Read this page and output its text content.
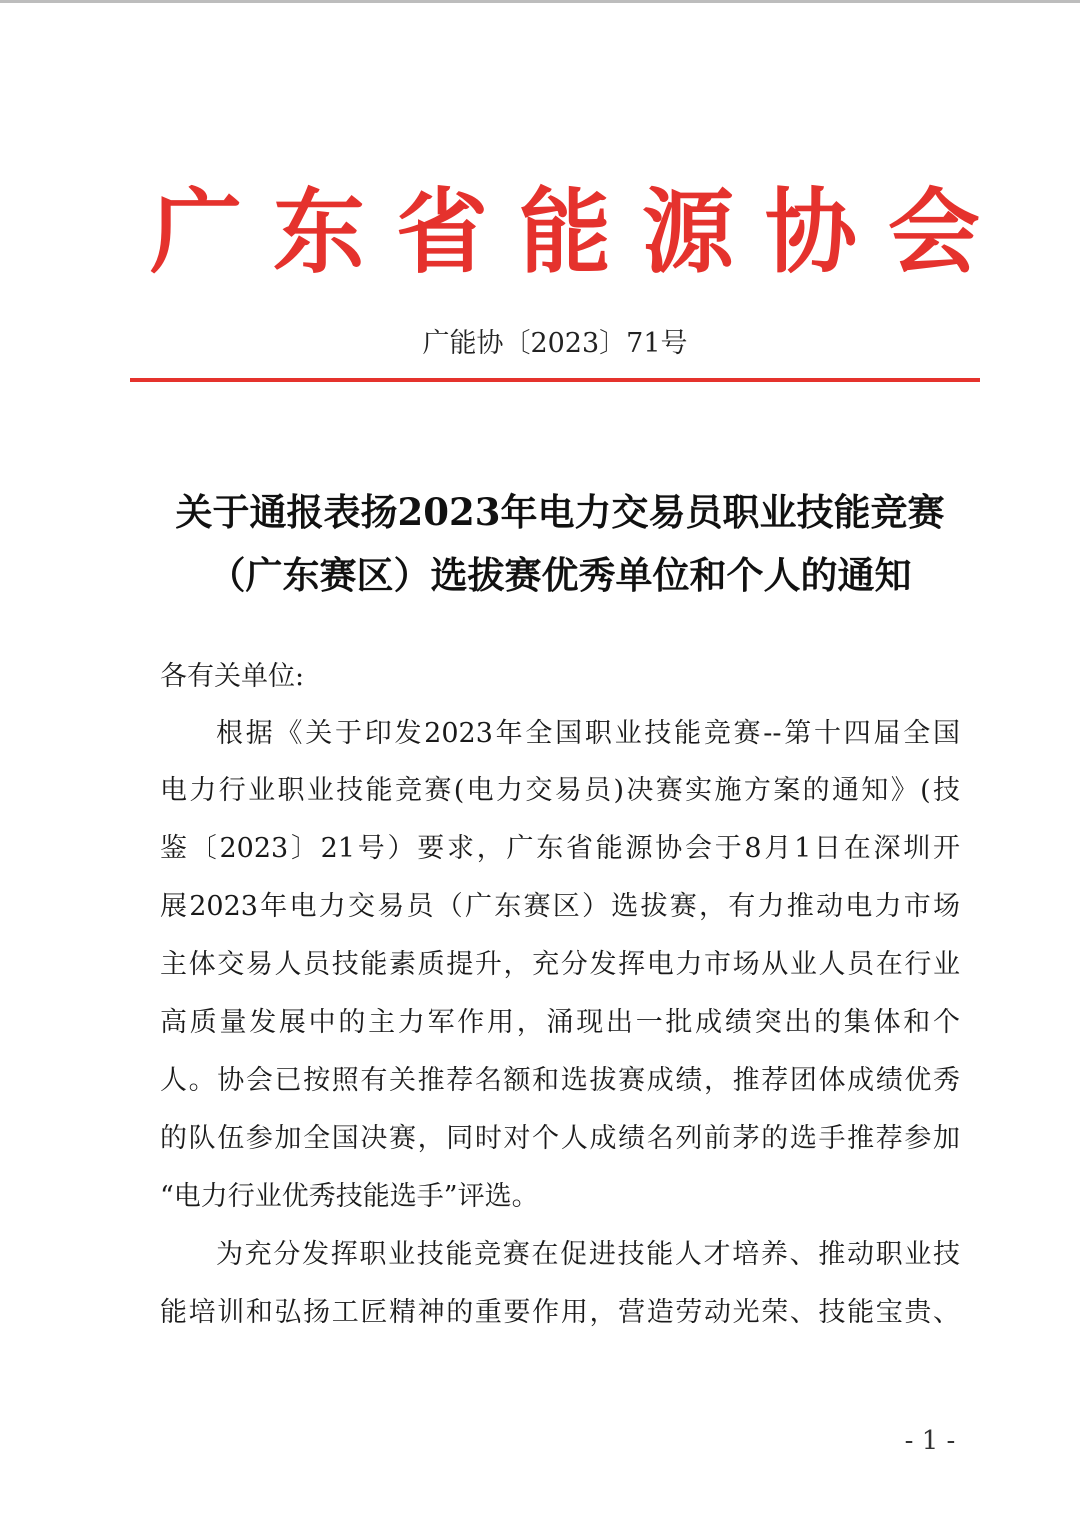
广 东 省 能 源 协 会
广能协〔2023〕71号
关于通报表扬2023年电力交易员职业技能竞赛
（广东赛区）选拔赛优秀单位和个人的通知
各有关单位:
根据《关于印发2023年全国职业技能竞赛--第十四届全国
电力行业职业技能竞赛(电力交易员)决赛实施方案的通知》(技
鉴〔2023〕21号）要求，广东省能源协会于8月1日在深圳开
展2023年电力交易员（广东赛区）选拔赛，有力推动电力市场
主体交易人员技能素质提升，充分发挥电力市场从业人员在行业
高质量发展中的主力军作用，涌现出一批成绩突出的集体和个
人。协会已按照有关推荐名额和选拔赛成绩，推荐团体成绩优秀
的队伍参加全国决赛，同时对个人成绩名列前茅的选手推荐参加
“电力行业优秀技能选手”评选。
为充分发挥职业技能竞赛在促进技能人才培养、推动职业技
能培训和弘扬工匠精神的重要作用，营造劳动光荣、技能宝贵、
- 1 -
